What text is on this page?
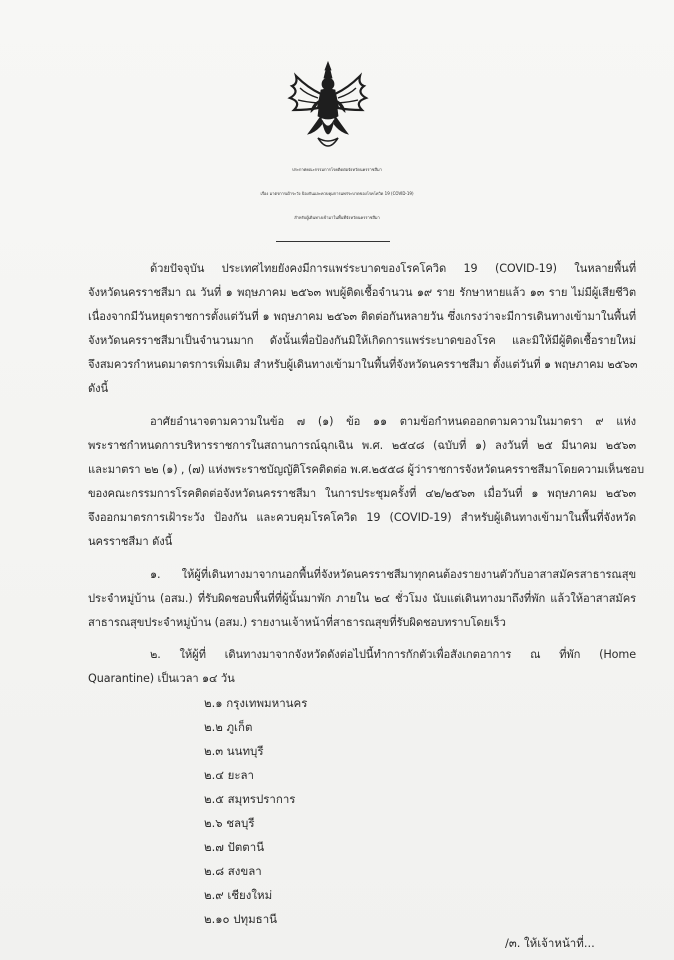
ประกาศคณะกรรมการโรคติดต่อจังหวัดนครราชสีมา
เรื่อง มาตรการเฝ้าระวัง ป้องกันและควบคุมการแพร่ระบาดของโรคโควิด 19 (COVID-19)
สำหรับผู้เดินทางเข้ามาในพื้นที่จังหวัดนครราชสีมา
ด้วยปัจจุบัน ประเทศไทยยังคงมีการแพร่ระบาดของโรคโควิด 19 (COVID-19) ในหลายพื้นที่
จังหวัดนครราชสีมา ณ วันที่ ๑ พฤษภาคม ๒๕๖๓ พบผู้ติดเชื้อจำนวน ๑๙ ราย รักษาหายแล้ว ๑๓ ราย ไม่มีผู้เสียชีวิต
เนื่องจากมีวันหยุดราชการตั้งแต่วันที่ ๑ พฤษภาคม ๒๕๖๓ ติดต่อกันหลายวัน ซึ่งเกรงว่าจะมีการเดินทางเข้ามาในพื้นที่
จังหวัดนครราชสีมาเป็นจำนวนมาก ดังนั้นเพื่อป้องกันมิให้เกิดการแพร่ระบาดของโรค และมิให้มีผู้ติดเชื้อรายใหม่
จึงสมควรกำหนดมาตรการเพิ่มเติม สำหรับผู้เดินทางเข้ามาในพื้นที่จังหวัดนครราชสีมา ตั้งแต่วันที่ ๑ พฤษภาคม ๒๕๖๓
ดังนี้
อาศัยอำนาจตามความในข้อ ๗ (๑) ข้อ ๑๑ ตามข้อกำหนดออกตามความในมาตรา ๙ แห่ง
พระราชกำหนดการบริหารราชการในสถานการณ์ฉุกเฉิน พ.ศ. ๒๕๔๘ (ฉบับที่ ๑) ลงวันที่ ๒๕ มีนาคม ๒๕๖๓
และมาตรา ๒๒ (๑) , (๗) แห่งพระราชบัญญัติโรคติดต่อ พ.ศ.๒๕๕๘ ผู้ว่าราชการจังหวัดนครราชสีมาโดยความเห็นชอบ
ของคณะกรรมการโรคติดต่อจังหวัดนครราชสีมา ในการประชุมครั้งที่ ๔๒/๒๕๖๓ เมื่อวันที่ ๑ พฤษภาคม ๒๕๖๓
จึงออกมาตรการเฝ้าระวัง ป้องกัน และควบคุมโรคโควิด 19 (COVID-19) สำหรับผู้เดินทางเข้ามาในพื้นที่จังหวัด
นครราชสีมา ดังนี้
๑. ให้ผู้ที่เดินทางมาจากนอกพื้นที่จังหวัดนครราชสีมาทุกคนต้องรายงานตัวกับอาสาสมัครสาธารณสุข
ประจำหมู่บ้าน (อสม.) ที่รับผิดชอบพื้นที่ที่ผู้นั้นมาพัก ภายใน ๒๔ ชั่วโมง นับแต่เดินทางมาถึงที่พัก แล้วให้อาสาสมัคร
สาธารณสุขประจำหมู่บ้าน (อสม.) รายงานเจ้าหน้าที่สาธารณสุขที่รับผิดชอบทราบโดยเร็ว
๒. ให้ผู้ที่ เดินทางมาจากจังหวัดดังต่อไปนี้ทำการกักตัวเพื่อสังเกตอาการ ณ ที่พัก (Home
Quarantine) เป็นเวลา ๑๔ วัน
๒.๑ กรุงเทพมหานคร
๒.๒ ภูเก็ต
๒.๓ นนทบุรี
๒.๔ ยะลา
๒.๕ สมุทรปราการ
๒.๖ ชลบุรี
๒.๗ ปัตตานี
๒.๘ สงขลา
๒.๙ เชียงใหม่
๒.๑๐ ปทุมธานี
/๓. ให้เจ้าหน้าที่...
